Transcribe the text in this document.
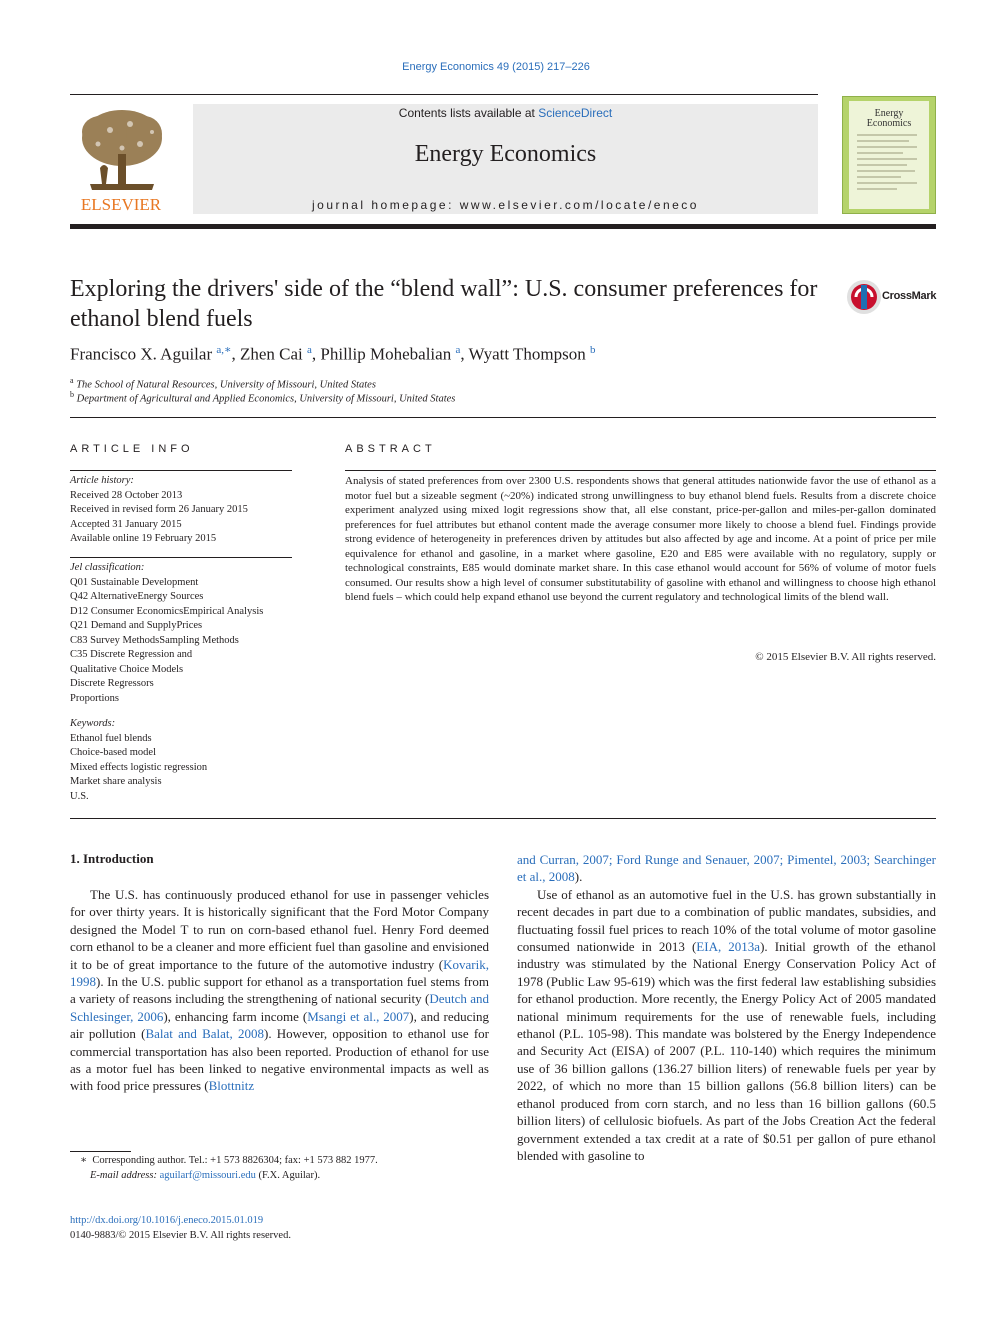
Energy Economics 49 (2015) 217–226
ELSEVIER
Contents lists available at ScienceDirect
Energy Economics
journal homepage: www.elsevier.com/locate/eneco
Energy Economics
Exploring the drivers' side of the “blend wall”: U.S. consumer preferences for ethanol blend fuels
CrossMark
Francisco X. Aguilar $^{a,∗}$, Zhen Cai $^a$, Phillip Mohebalian $^a$, Wyatt Thompson $^b$
$^a$ The School of Natural Resources, University of Missouri, United States
$^b$ Department of Agricultural and Applied Economics, University of Missouri, United States
ARTICLE INFO	ABSTRACT
Article history:
Received 28 October 2013
Received in revised form 26 January 2015
Accepted 31 January 2015
Available online 19 February 2015
Jel classification:
Q01 Sustainable Development
Q42 AlternativeEnergy Sources
D12 Consumer EconomicsEmpirical Analysis
Q21 Demand and SupplyPrices
C83 Survey MethodsSampling Methods
C35 Discrete Regression and
Qualitative Choice Models
Discrete Regressors
Proportions
Keywords:
Ethanol fuel blends
Choice-based model
Mixed effects logistic regression
Market share analysis
U.S.
Analysis of stated preferences from over 2300 U.S. respondents shows that general attitudes nationwide favor the use of ethanol as a motor fuel but a sizeable segment (~20%) indicated strong unwillingness to buy ethanol blend fuels. Results from a discrete choice experiment analyzed using mixed logit regressions show that, all else constant, price-per-gallon and miles-per-gallon dominated preferences for fuel attributes but ethanol content made the average consumer more likely to choose a blend fuel. Findings provide strong evidence of heterogeneity in preferences driven by attitudes but also affected by age and income. At a point of price per mile equivalence for ethanol and gasoline, in a market where gasoline, E20 and E85 were available with no regulatory, supply or technological constraints, E85 would dominate market share. In this case ethanol would account for 56% of volume of motor fuels consumed. Our results show a high level of consumer substitutability of gasoline with ethanol and willingness to choose high ethanol blend fuels – which could help expand ethanol use beyond the current regulatory and technological limits of the blend wall.
© 2015 Elsevier B.V. All rights reserved.
1. Introduction

The U.S. has continuously produced ethanol for use in passenger vehicles for over thirty years. It is historically significant that the Ford Motor Company designed the Model T to run on corn-based ethanol fuel. Henry Ford deemed corn ethanol to be a cleaner and more efficient fuel than gasoline and envisioned it to be of great importance to the future of the automotive industry (Kovarik, 1998). In the U.S. public support for ethanol as a transportation fuel stems from a variety of reasons including the strengthening of national security (Deutch and Schlesinger, 2006), enhancing farm income (Msangi et al., 2007), and reducing air pollution (Balat and Balat, 2008). However, opposition to ethanol use for commercial transportation has also been reported. Production of ethanol for use as a motor fuel has been linked to negative environmental impacts as well as with food price pressures (Blottnitz

and Curran, 2007; Ford Runge and Senauer, 2007; Pimentel, 2003; Searchinger et al., 2008).

Use of ethanol as an automotive fuel in the U.S. has grown substantially in recent decades in part due to a combination of public mandates, subsidies, and fluctuating fossil fuel prices to reach 10% of the total volume of motor gasoline consumed nationwide in 2013 (EIA, 2013a). Initial growth of the ethanol industry was stimulated by the National Energy Conservation Policy Act of 1978 (Public Law 95-619) which was the first federal law establishing subsidies for ethanol production. More recently, the Energy Policy Act of 2005 mandated national minimum requirements for the use of renewable fuels, including ethanol (P.L. 105-98). This mandate was bolstered by the Energy Independence and Security Act (EISA) of 2007 (P.L. 110-140) which requires the minimum use of 36 billion gallons (136.27 billion liters) of renewable fuels per year by 2022, of which no more than 15 billion gallons (56.8 billion liters) can be ethanol produced from corn starch, and no less than 16 billion gallons (60.5 billion liters) of cellulosic biofuels. As part of the Jobs Creation Act the federal government extended a tax credit at a rate of $0.51 per gallon of pure ethanol blended with gasoline to

∗ Corresponding author. Tel.: +1 573 8826304; fax: +1 573 882 1977.
E-mail address: aguilarf@missouri.edu (F.X. Aguilar).
http://dx.doi.org/10.1016/j.eneco.2015.01.019
0140-9883/© 2015 Elsevier B.V. All rights reserved.
